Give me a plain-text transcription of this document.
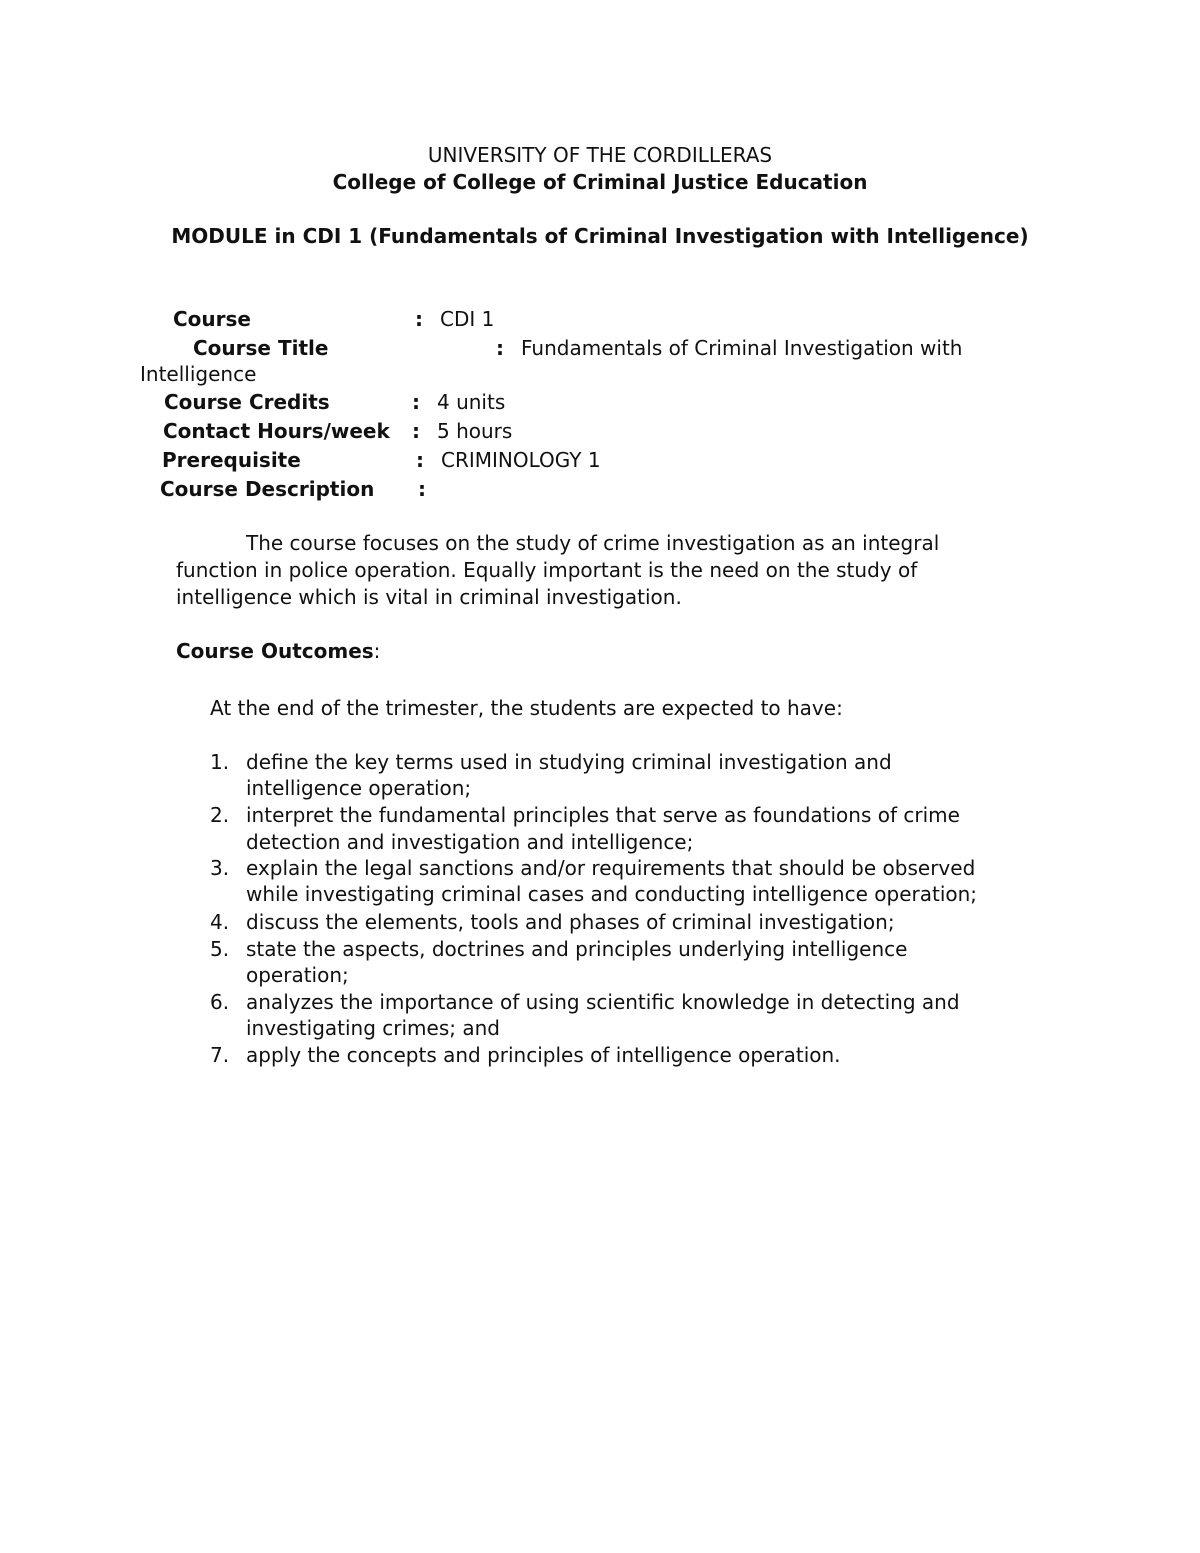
UNIVERSITY OF THE CORDILLERAS
College of College of Criminal Justice Education
MODULE in CDI 1 (Fundamentals of Criminal Investigation with Intelligence)
Course	: CDI 1
Course Title	: Fundamentals of Criminal Investigation with
Intelligence
Course Credits	: 4 units
Contact Hours/week : 5 hours
Prerequisite	: CRIMINOLOGY 1
Course Description :
The course focuses on the study of crime investigation as an integral
function in police operation. Equally important is the need on the study of
intelligence which is vital in criminal investigation.
Course Outcomes:
At the end of the trimester, the students are expected to have:
1. define the key terms used in studying criminal investigation and
intelligence operation;
2. interpret the fundamental principles that serve as foundations of crime
detection and investigation and intelligence;
3. explain the legal sanctions and/or requirements that should be observed
while investigating criminal cases and conducting intelligence operation;
4. discuss the elements, tools and phases of criminal investigation;
5. state the aspects, doctrines and principles underlying intelligence
operation;
6. analyzes the importance of using scientific knowledge in detecting and
investigating crimes; and
7. apply the concepts and principles of intelligence operation.
